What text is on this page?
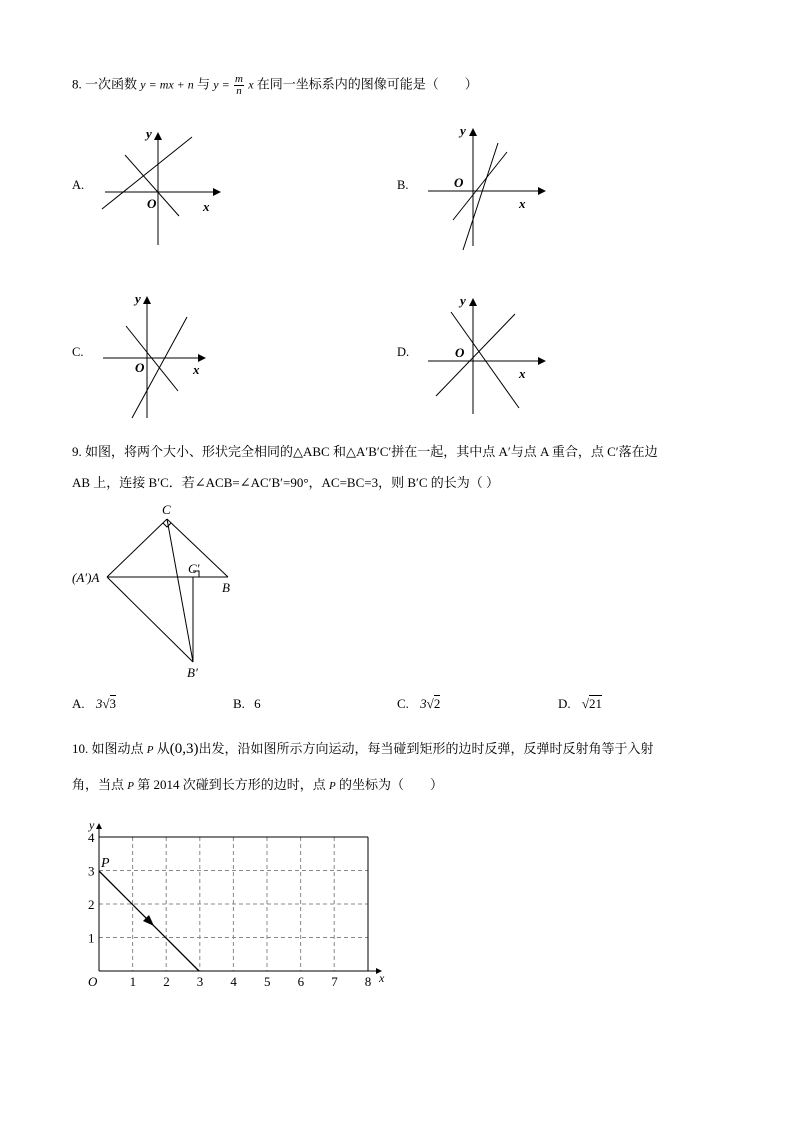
8. 一次函数 y = mx + n 与 $y = \frac{m}{n}$ x 在同一坐标系内的图像可能是（　　）
A.
y
O	x
B.
y
O
x
C.
y
O	x
D.
y
O
x
9. 如图，将两个大小、形状完全相同的△ABC 和△A′B′C′拼在一起，其中点 A′与点 A 重合，点 C′落在边
AB 上，连接 B′C．若∠ACB=∠AC′B′=90°，AC=BC=3，则 B′C 的长为（ ）
C
(A′)A
C′
B
B′
A. 3√3	B. 6	C. 3√2	D. √21
10. 如图动点 P 从(0,3)出发，沿如图所示方向运动，每当碰到矩形的边时反弹，反弹时反射角等于入射
角，当点 P 第 2014 次碰到长方形的边时，点 P 的坐标为（　　）
1 2 3 4 5 6 7 8
1
2
3
4
O	x
y
P
